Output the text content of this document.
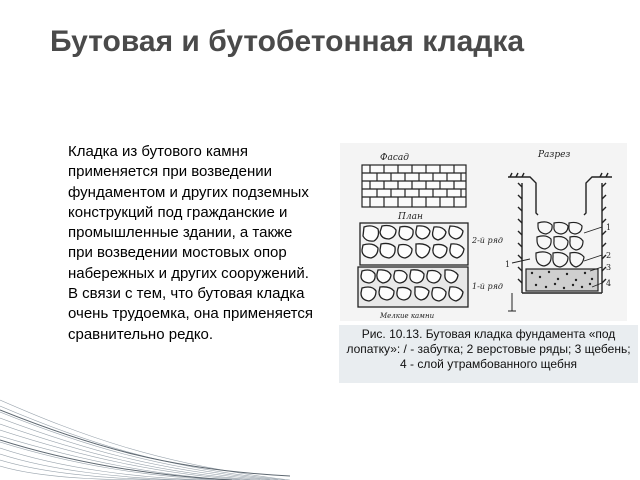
Бутовая и бутобетонная кладка
Кладка из бутового камня применяется при возведении фундаментом и других подземных конструкций под гражданские и промышленные здании, а также при возведении мостовых опор набережных и других сооружений. В связи с тем, что бутовая кладка очень трудоемка, она применяется сравнительно редко.
Фасад
План
2-й ряд
1-й ряд
Мелкие камни
Разрез
1
2
3
4
1
Рис. 10.13. Бутовая кладка фундамента «под лопатку»: / - забутка; 2 верстовые ряды; 3 щебень; 4 - слой утрамбованного щебня
